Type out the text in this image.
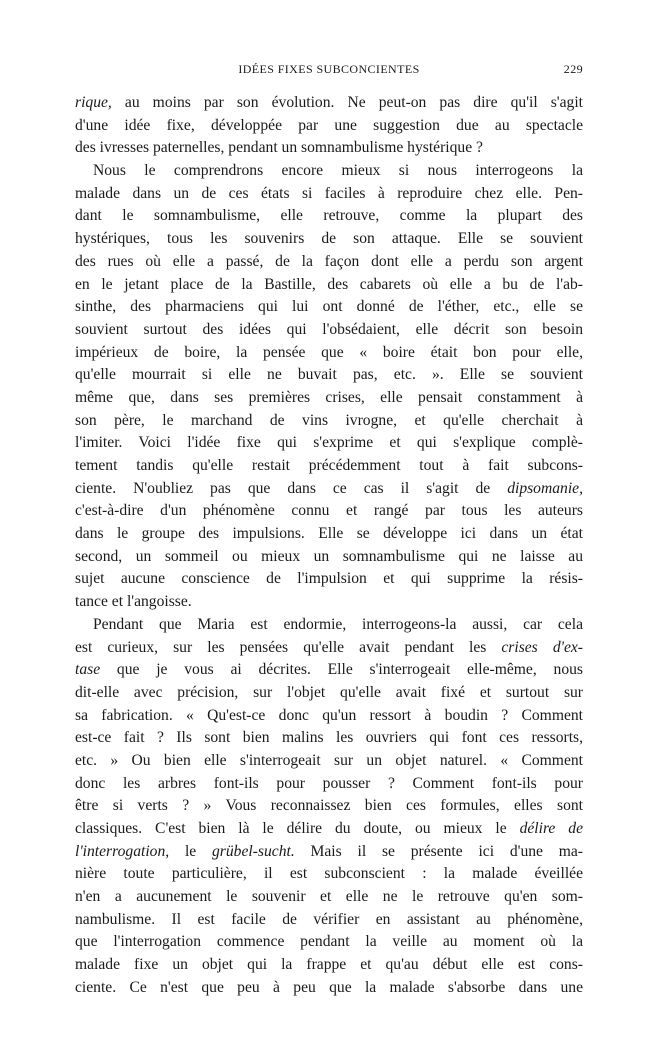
IDÉES FIXES SUBCONCIENTES	229
rique, au moins par son évolution. Ne peut-on pas dire qu'il s'agit
d'une idée fixe, développée par une suggestion due au spectacle
des ivresses paternelles, pendant un somnambulisme hystérique ?
Nous le comprendrons encore mieux si nous interrogeons la
malade dans un de ces états si faciles à reproduire chez elle. Pen-
dant le somnambulisme, elle retrouve, comme la plupart des
hystériques, tous les souvenirs de son attaque. Elle se souvient
des rues où elle a passé, de la façon dont elle a perdu son argent
en le jetant place de la Bastille, des cabarets où elle a bu de l'ab-
sinthe, des pharmaciens qui lui ont donné de l'éther, etc., elle se
souvient surtout des idées qui l'obsédaient, elle décrit son besoin
impérieux de boire, la pensée que « boire était bon pour elle,
qu'elle mourrait si elle ne buvait pas, etc. ». Elle se souvient
même que, dans ses premières crises, elle pensait constamment à
son père, le marchand de vins ivrogne, et qu'elle cherchait à
l'imiter. Voici l'idée fixe qui s'exprime et qui s'explique complè-
tement tandis qu'elle restait précédemment tout à fait subcons-
ciente. N'oubliez pas que dans ce cas il s'agit de dipsomanie,
c'est-à-dire d'un phénomène connu et rangé par tous les auteurs
dans le groupe des impulsions. Elle se développe ici dans un état
second, un sommeil ou mieux un somnambulisme qui ne laisse au
sujet aucune conscience de l'impulsion et qui supprime la résis-
tance et l'angoisse.
Pendant que Maria est endormie, interrogeons-la aussi, car cela
est curieux, sur les pensées qu'elle avait pendant les crises d'ex-
tase que je vous ai décrites. Elle s'interrogeait elle-même, nous
dit-elle avec précision, sur l'objet qu'elle avait fixé et surtout sur
sa fabrication. « Qu'est-ce donc qu'un ressort à boudin ? Comment
est-ce fait ? Ils sont bien malins les ouvriers qui font ces ressorts,
etc. » Ou bien elle s'interrogeait sur un objet naturel. « Comment
donc les arbres font-ils pour pousser ? Comment font-ils pour
être si verts ? » Vous reconnaissez bien ces formules, elles sont
classiques. C'est bien là le délire du doute, ou mieux le délire de
l'interrogation, le grübel-sucht. Mais il se présente ici d'une ma-
nière toute particulière, il est subconscient : la malade éveillée
n'en a aucunement le souvenir et elle ne le retrouve qu'en som-
nambulisme. Il est facile de vérifier en assistant au phénomène,
que l'interrogation commence pendant la veille au moment où la
malade fixe un objet qui la frappe et qu'au début elle est cons-
ciente. Ce n'est que peu à peu que la malade s'absorbe dans une
